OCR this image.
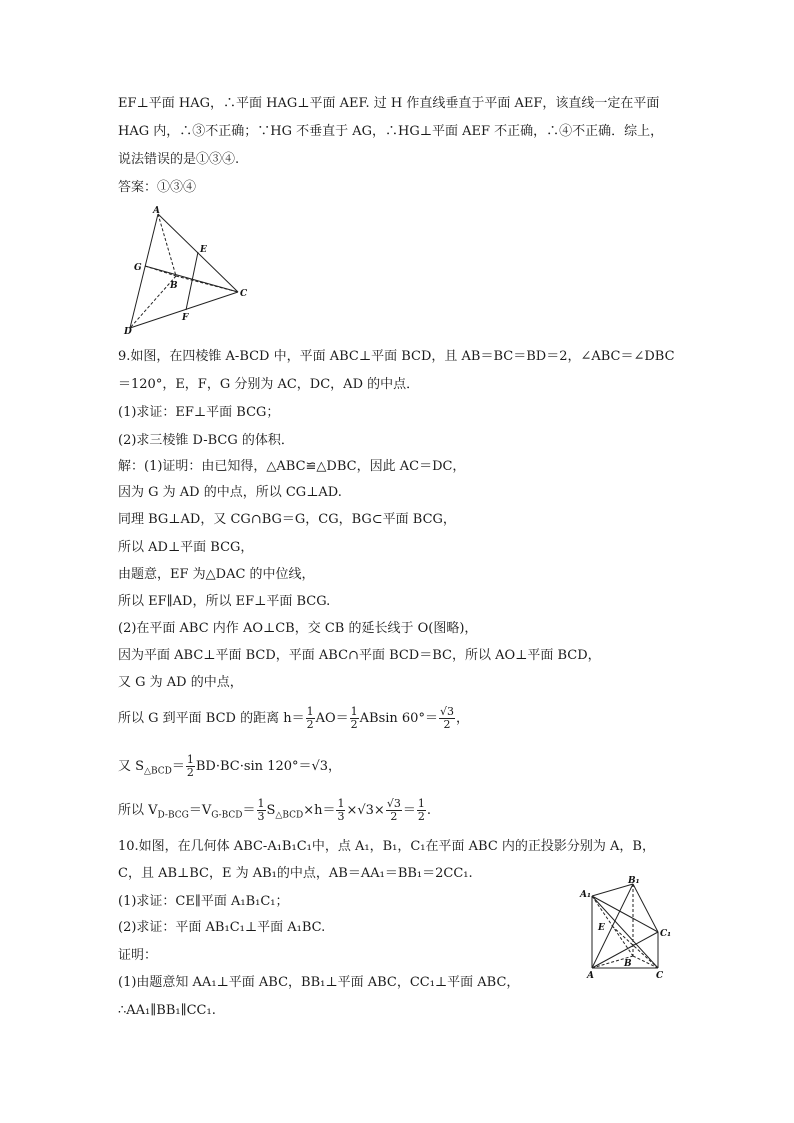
EF⊥平面 HAG，∴平面 HAG⊥平面 AEF. 过 H 作直线垂直于平面 AEF，该直线一定在平面
HAG 内，∴③不正确；∵HG 不垂直于 AG，∴HG⊥平面 AEF 不正确，∴④不正确．综上，
说法错误的是①③④.
答案：①③④
A
E
G
B
C
D
F
9.如图，在四棱锥 A-BCD 中，平面 ABC⊥平面 BCD，且 AB＝BC＝BD＝2，∠ABC＝∠DBC
＝120°，E，F，G 分别为 AC，DC，AD 的中点．
(1)求证：EF⊥平面 BCG；
(2)求三棱锥 D-BCG 的体积．
解：(1)证明：由已知得，△ABC≌△DBC，因此 AC＝DC，
因为 G 为 AD 的中点，所以 CG⊥AD.
同理 BG⊥AD，又 CG∩BG＝G，CG，BG⊂平面 BCG，
所以 AD⊥平面 BCG，
由题意，EF 为△DAC 的中位线，
所以 EF∥AD，所以 EF⊥平面 BCG.
(2)在平面 ABC 内作 AO⊥CB，交 CB 的延长线于 O(图略)，
因为平面 ABC⊥平面 BCD，平面 ABC∩平面 BCD＝BC，所以 AO⊥平面 BCD，
又 G 为 AD 的中点，
所以 G 到平面 BCD 的距离 $h= \frac{1}{2} AO= \frac{1}{2}$ ABsin $60^\circ= \frac{√3}{2}$ ，
又 $S_{\triangle BCD}= \frac{1}{2} BD\cdot BC\cdot\sin$ 120°＝√3，
所以 $V_{D-BCG}=V_{G-BCD}= \frac{1}{3} S_{\triangle BCD}\times h= \frac{1}{3} \times√3\times \frac{√3}{2} = \frac{1}{2}$ .
10.如图，在几何体 ABC-A₁B₁C₁中，点 A₁，B₁，C₁在平面 ABC 内的正投影分别为 A，B，
C，且 AB⊥BC，E 为 AB₁的中点，AB＝AA₁＝BB₁＝2CC₁.
(1)求证：CE∥平面 A₁B₁C₁；
(2)求证：平面 AB₁C₁⊥平面 A₁BC.
证明：
(1)由题意知 AA₁⊥平面 ABC，BB₁⊥平面 ABC，CC₁⊥平面 ABC，
∴AA₁∥BB₁∥CC₁.
A₁
B₁
C₁
E
A
B
C
